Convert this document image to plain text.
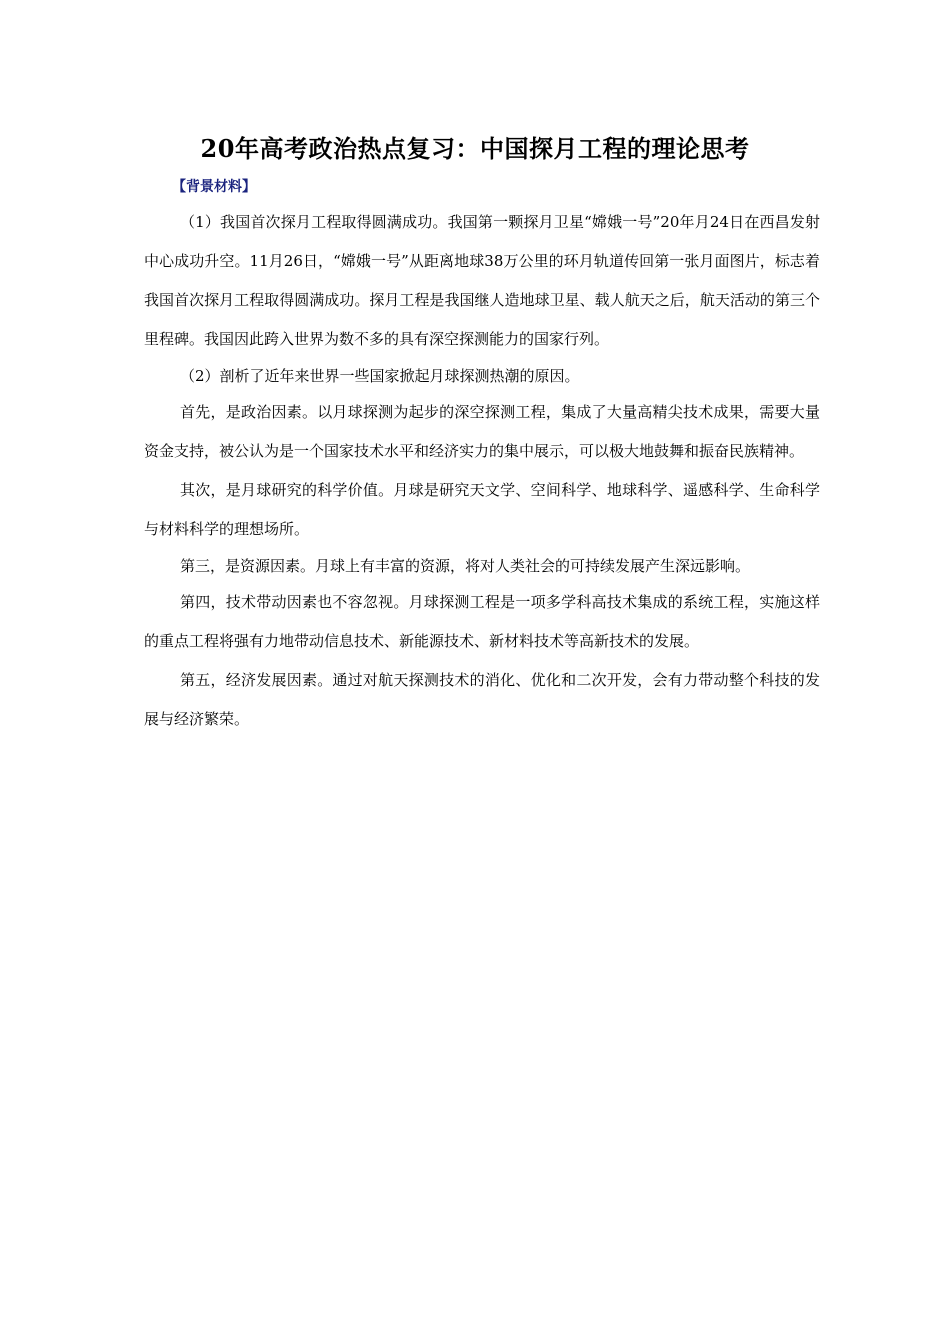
20年高考政治热点复习：中国探月工程的理论思考
【背景材料】

（1）我国首次探月工程取得圆满成功。我国第一颗探月卫星“嫦娥一号”20年月24日在西昌发射中心成功升空。11月26日，“嫦娥一号”从距离地球38万公里的环月轨道传回第一张月面图片，标志着我国首次探月工程取得圆满成功。探月工程是我国继人造地球卫星、载人航天之后，航天活动的第三个里程碑。我国因此跨入世界为数不多的具有深空探测能力的国家行列。

（2）剖析了近年来世界一些国家掀起月球探测热潮的原因。

首先，是政治因素。以月球探测为起步的深空探测工程，集成了大量高精尖技术成果，需要大量资金支持，被公认为是一个国家技术水平和经济实力的集中展示，可以极大地鼓舞和振奋民族精神。

其次，是月球研究的科学价值。月球是研究天文学、空间科学、地球科学、遥感科学、生命科学与材料科学的理想场所。

第三，是资源因素。月球上有丰富的资源，将对人类社会的可持续发展产生深远影响。

第四，技术带动因素也不容忽视。月球探测工程是一项多学科高技术集成的系统工程，实施这样的重点工程将强有力地带动信息技术、新能源技术、新材料技术等高新技术的发展。

第五，经济发展因素。通过对航天探测技术的消化、优化和二次开发，会有力带动整个科技的发展与经济繁荣。
